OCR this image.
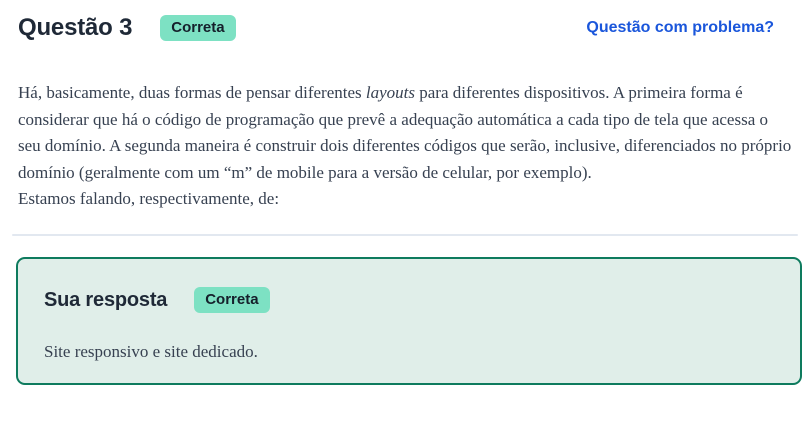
Questão 3	Correta	Questão com problema?
Há, basicamente, duas formas de pensar diferentes layouts para diferentes dispositivos. A primeira forma é considerar que há o código de programação que prevê a adequação automática a cada tipo de tela que acessa o seu domínio. A segunda maneira é construir dois diferentes códigos que serão, inclusive, diferenciados no próprio domínio (geralmente com um “m” de mobile para a versão de celular, por exemplo).
Estamos falando, respectivamente, de:
Sua resposta	Correta
Site responsivo e site dedicado.
